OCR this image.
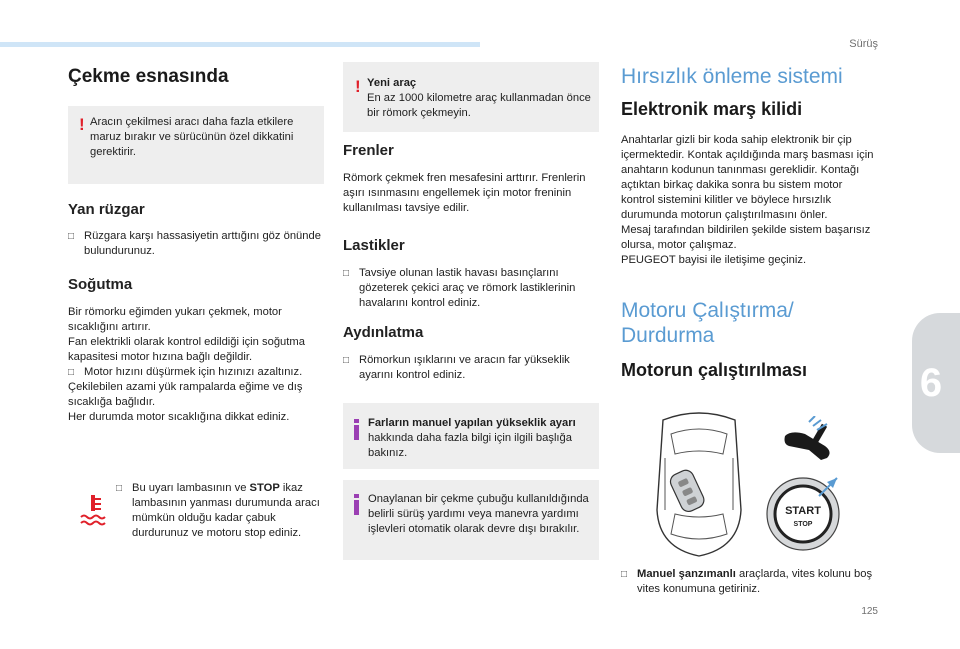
Sürüş
6
125
Çekme esnasında
! Aracın çekilmesi aracı daha fazla etkilere maruz bırakır ve sürücünün özel dikkatini gerektirir.

Yan rüzgar
□ Rüzgara karşı hassasiyetin arttığını göz önünde bulundurunuz.
Soğutma

Bir römorku eğimden yukarı çekmek, motor sıcaklığını artırır.

Fan elektrikli olarak kontrol edildiği için soğutma kapasitesi motor hızına bağlı değildir.

□ Motor hızını düşürmek için hızınızı azaltınız.

Çekilebilen azami yük rampalarda eğime ve dış sıcaklığa bağlıdır.

Her durumda motor sıcaklığına dikkat ediniz.

□ Bu uyarı lambasının ve STOP ikaz lambasının yanması durumunda aracı mümkün olduğu kadar çabuk durdurunuz ve motoru stop ediniz.
! Yeni araç

En az 1000 kilometre araç kullanmadan önce bir römork çekmeyin.

Frenler

Römork çekmek fren mesafesini arttırır. Frenlerin aşırı ısınmasını engellemek için motor freninin kullanılması tavsiye edilir.

Lastikler
□ Tavsiye olunan lastik havası basınçlarını gözeterek çekici araç ve römork lastiklerinin havalarını kontrol ediniz.
Aydınlatma
□ Römorkun ışıklarını ve aracın far yükseklik ayarını kontrol ediniz.

Farların manuel yapılan yükseklik ayarı hakkında daha fazla bilgi için ilgili başlığa bakınız.

Onaylanan bir çekme çubuğu kullanıldığında belirli sürüş yardımı veya manevra yardımı işlevleri otomatik olarak devre dışı bırakılır.

Hırsızlık önleme sistemi
Elektronik marş kilidi

Anahtarlar gizli bir koda sahip elektronik bir çip içermektedir. Kontak açıldığında marş basması için anahtarın kodunun tanınması gereklidir. Kontağı açtıktan birkaç dakika sonra bu sistem motor kontrol sistemini kilitler ve böylece hırsızlık durumunda motorun çalıştırılmasını önler.

Mesaj tarafından bildirilen şekilde sistem başarısız olursa, motor çalışmaz.

PEUGEOT bayisi ile iletişime geçiniz.

Motoru Çalıştırma/
Durdurma
Motorun çalıştırılması
START
STOP
□ Manuel şanzımanlı araçlarda, vites kolunu boş vites konumuna getiriniz.
